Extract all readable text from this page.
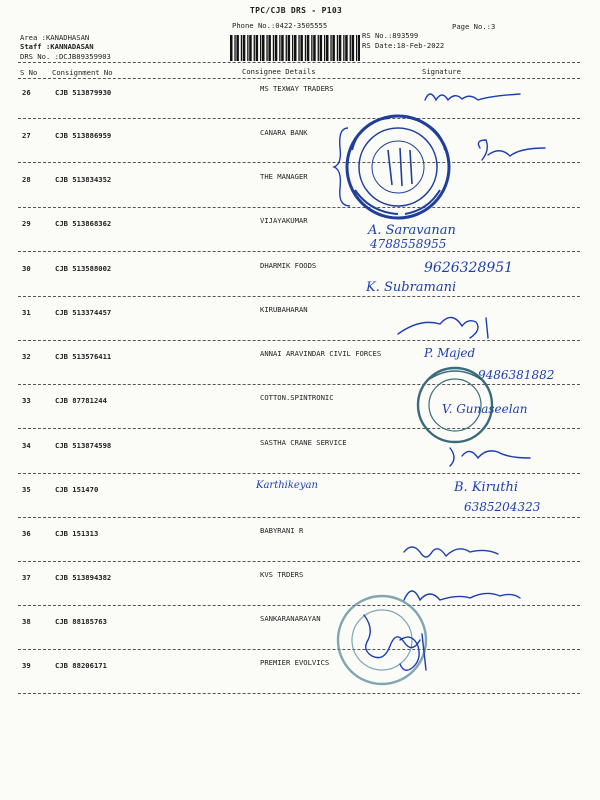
TPC/CJB DRS - P103
Phone No.:0422-3505555	Page No.:3
Area :KANADHASAN
Staff :KANNADASAN
DRS No. :DCJB89359903
RS No.:893599
RS Date:18-Feb-2022
S No Consignment No	Consignee Details	Signature
26	CJB 513879930	MS TEXWAY TRADERS
27	CJB 513886959	CANARA BANK
28	CJB 513834352	THE MANAGER
29	CJB 513868362	VIJAYAKUMAR
30	CJB 513588002	DHARMIK FOODS
31	CJB 513374457	KIRUBAHARAN
32	CJB 513576411	ANNAI ARAVINDAR CIVIL FORCES
33	CJB 87781244	COTTON.SPINTRONIC
34	CJB 513874598	SASTHA CRANE SERVICE
35	CJB 151470
36	CJB 151313	BABYRANI R
37	CJB 513894382	KVS TRDERS
38	CJB 88185763	SANKARANARAYAN
39	CJB 88206171	PREMIER EVOLVICS
A. Saravanan
4788558955
9626328951
K. Subramani
P. Majed
9486381882
V. Gunaseelan
Karthikeyan	B. Kiruthi
6385204323
